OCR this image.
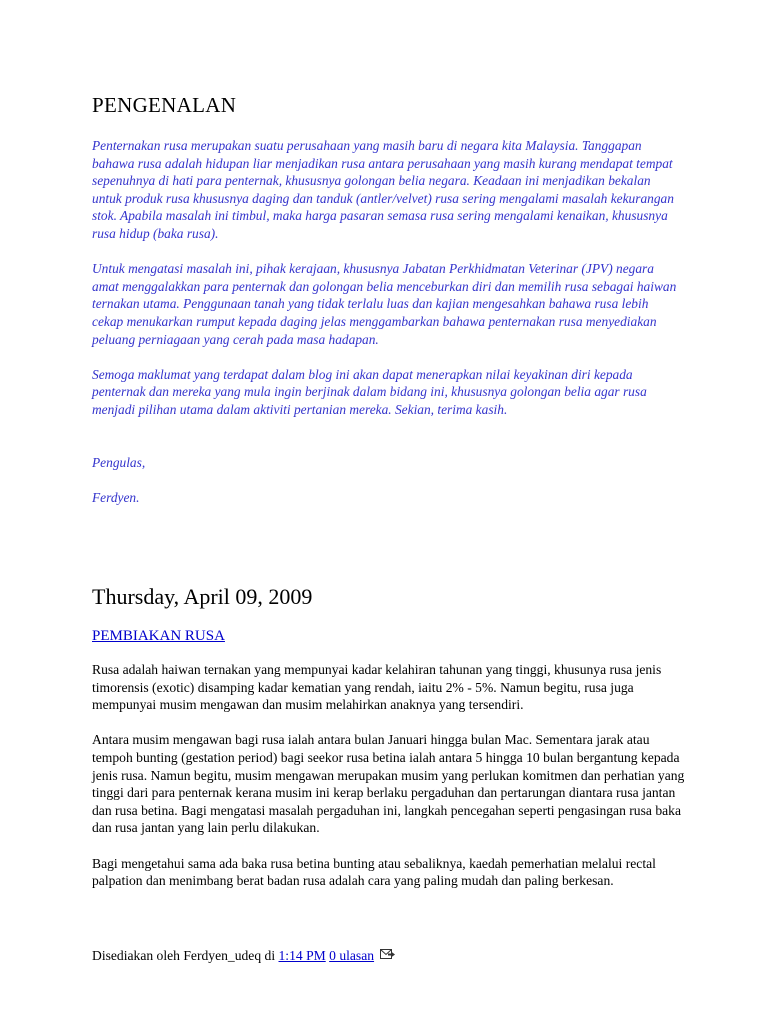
PENGENALAN

Penternakan rusa merupakan suatu perusahaan yang masih baru di negara kita Malaysia. Tanggapan bahawa rusa adalah hidupan liar menjadikan rusa antara perusahaan yang masih kurang mendapat tempat sepenuhnya di hati para penternak, khususnya golongan belia negara. Keadaan ini menjadikan bekalan untuk produk rusa khususnya daging dan tanduk (antler/velvet) rusa sering mengalami masalah kekurangan stok. Apabila masalah ini timbul, maka harga pasaran semasa rusa sering mengalami kenaikan, khususnya rusa hidup (baka rusa).

Untuk mengatasi masalah ini, pihak kerajaan, khususnya Jabatan Perkhidmatan Veterinar (JPV) negara amat menggalakkan para penternak dan golongan belia menceburkan diri dan memilih rusa sebagai haiwan ternakan utama. Penggunaan tanah yang tidak terlalu luas dan kajian mengesahkan bahawa rusa lebih cekap menukarkan rumput kepada daging jelas menggambarkan bahawa penternakan rusa menyediakan peluang perniagaan yang cerah pada masa hadapan.

Semoga maklumat yang terdapat dalam blog ini akan dapat menerapkan nilai keyakinan diri kepada penternak dan mereka yang mula ingin berjinak dalam bidang ini, khususnya golongan belia agar rusa menjadi pilihan utama dalam aktiviti pertanian mereka. Sekian, terima kasih.

Pengulas,

Ferdyen.

Thursday, April 09, 2009
PEMBIAKAN RUSA

Rusa adalah haiwan ternakan yang mempunyai kadar kelahiran tahunan yang tinggi, khusunya rusa jenis timorensis (exotic) disamping kadar kematian yang rendah, iaitu 2% - 5%. Namun begitu, rusa juga mempunyai musim mengawan dan musim melahirkan anaknya yang tersendiri.

Antara musim mengawan bagi rusa ialah antara bulan Januari hingga bulan Mac. Sementara jarak atau tempoh bunting (gestation period) bagi seekor rusa betina ialah antara 5 hingga 10 bulan bergantung kepada jenis rusa. Namun begitu, musim mengawan merupakan musim yang perlukan komitmen dan perhatian yang tinggi dari para penternak kerana musim ini kerap berlaku pergaduhan dan pertarungan diantara rusa jantan dan rusa betina. Bagi mengatasi masalah pergaduhan ini, langkah pencegahan seperti pengasingan rusa baka dan rusa jantan yang lain perlu dilakukan.

Bagi mengetahui sama ada baka rusa betina bunting atau sebaliknya, kaedah pemerhatian melalui rectal palpation dan menimbang berat badan rusa adalah cara yang paling mudah dan paling berkesan.

Disediakan oleh Ferdyen_udeq di 1:14 PM 0 ulasan
